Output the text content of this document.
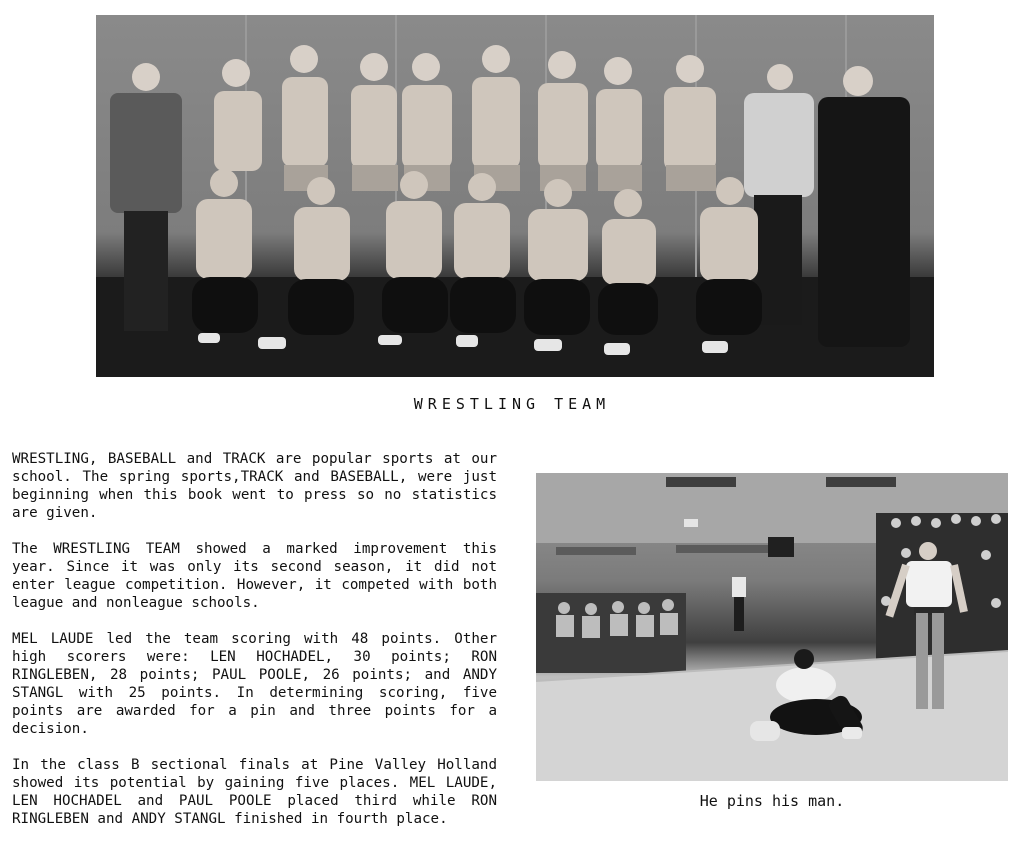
WRESTLING TEAM

WRESTLING, BASEBALL and TRACK are popular sports at our school. The spring sports,TRACK and BASEBALL, were just beginning when this book went to press so no statistics are given.

The WRESTLING TEAM showed a marked improvement this year. Since it was only its second season, it did not enter league competition. However, it competed with both league and nonleague schools.

MEL LAUDE led the team scoring with 48 points. Other high scorers were: LEN HOCHADEL, 30 points; RON RINGLEBEN, 28 points; PAUL POOLE, 26 points; and ANDY STANGL with 25 points. In determining scoring, five points are awarded for a pin and three points for a decision.

In the class B sectional finals at Pine Valley Holland showed its potential by gaining five places. MEL LAUDE, LEN HOCHADEL and PAUL POOLE placed third while RON RINGLEBEN and ANDY STANGL finished in fourth place.

He pins his man.
